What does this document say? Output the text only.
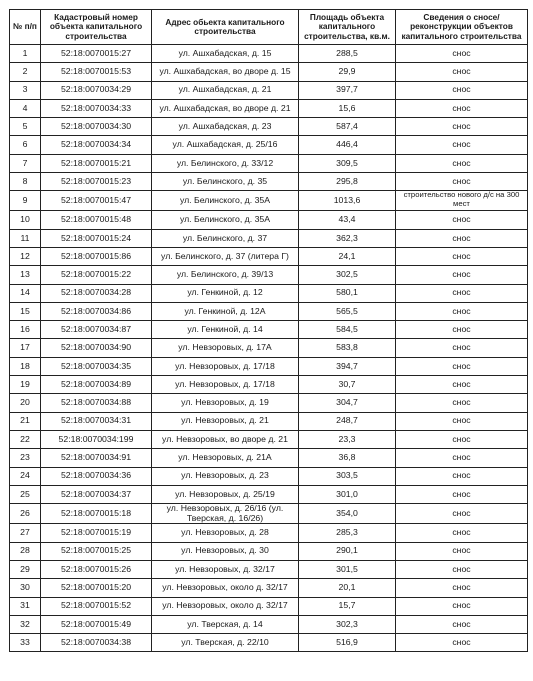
№ п/п	Кадастровый номер объекта капитального строительства	Адрес обьекта капитального строительства	Площадь объекта капитального строительства, кв.м.	Сведения о сносе/ реконструкции объектов капитального строительства
1	52:18:0070015:27	ул. Ашхабадская, д. 15	288,5	снос
2	52:18:0070015:53	ул. Ашхабадская, во дворе д. 15	29,9	снос
3	52:18:0070034:29	ул. Ашхабадская, д. 21	397,7	снос
4	52:18:0070034:33	ул. Ашхабадская, во дворе д. 21	15,6	снос
5	52:18:0070034:30	ул. Ашхабадская, д. 23	587,4	снос
6	52:18:0070034:34	ул. Ашхабадская, д. 25/16	446,4	снос
7	52:18:0070015:21	ул. Белинского, д. 33/12	309,5	снос
8	52:18:0070015:23	ул. Белинского, д. 35	295,8	снос
9	52:18:0070015:47	ул. Белинского, д. 35А	1013,6	строительство нового д/с на 300 мест
10	52:18:0070015:48	ул. Белинского, д. 35А	43,4	снос
11	52:18:0070015:24	ул. Белинского, д. 37	362,3	снос
12	52:18:0070015:86	ул. Белинского, д. 37 (литера Г)	24,1	снос
13	52:18:0070015:22	ул. Белинского, д. 39/13	302,5	снос
14	52:18:0070034:28	ул. Генкиной, д. 12	580,1	снос
15	52:18:0070034:86	ул. Генкиной, д. 12А	565,5	снос
16	52:18:0070034:87	ул. Генкиной, д. 14	584,5	снос
17	52:18:0070034:90	ул. Невзоровых, д. 17А	583,8	снос
18	52:18:0070034:35	ул. Невзоровых, д. 17/18	394,7	снос
19	52:18:0070034:89	ул. Невзоровых, д. 17/18	30,7	снос
20	52:18:0070034:88	ул. Невзоровых, д. 19	304,7	снос
21	52:18:0070034:31	ул. Невзоровых, д. 21	248,7	снос
22	52:18:0070034:199	ул. Невзоровых, во дворе д. 21	23,3	снос
23	52:18:0070034:91	ул. Невзоровых, д. 21А	36,8	снос
24	52:18:0070034:36	ул. Невзоровых, д. 23	303,5	снос
25	52:18:0070034:37	ул. Невзоровых, д. 25/19	301,0	снос
26	52:18:0070015:18	ул. Невзоровых, д. 26/16 (ул. Тверская, д. 16/26)	354,0	снос
27	52:18:0070015:19	ул. Невзоровых, д. 28	285,3	снос
28	52:18:0070015:25	ул. Невзоровых, д. 30	290,1	снос
29	52:18:0070015:26	ул. Невзоровых, д. 32/17	301,5	снос
30	52:18:0070015:20	ул. Невзоровых, около д. 32/17	20,1	снос
31	52:18:0070015:52	ул. Невзоровых, около д. 32/17	15,7	снос
32	52:18:0070015:49	ул. Тверская, д. 14	302,3	снос
33	52:18:0070034:38	ул. Тверская, д. 22/10	516,9	снос
